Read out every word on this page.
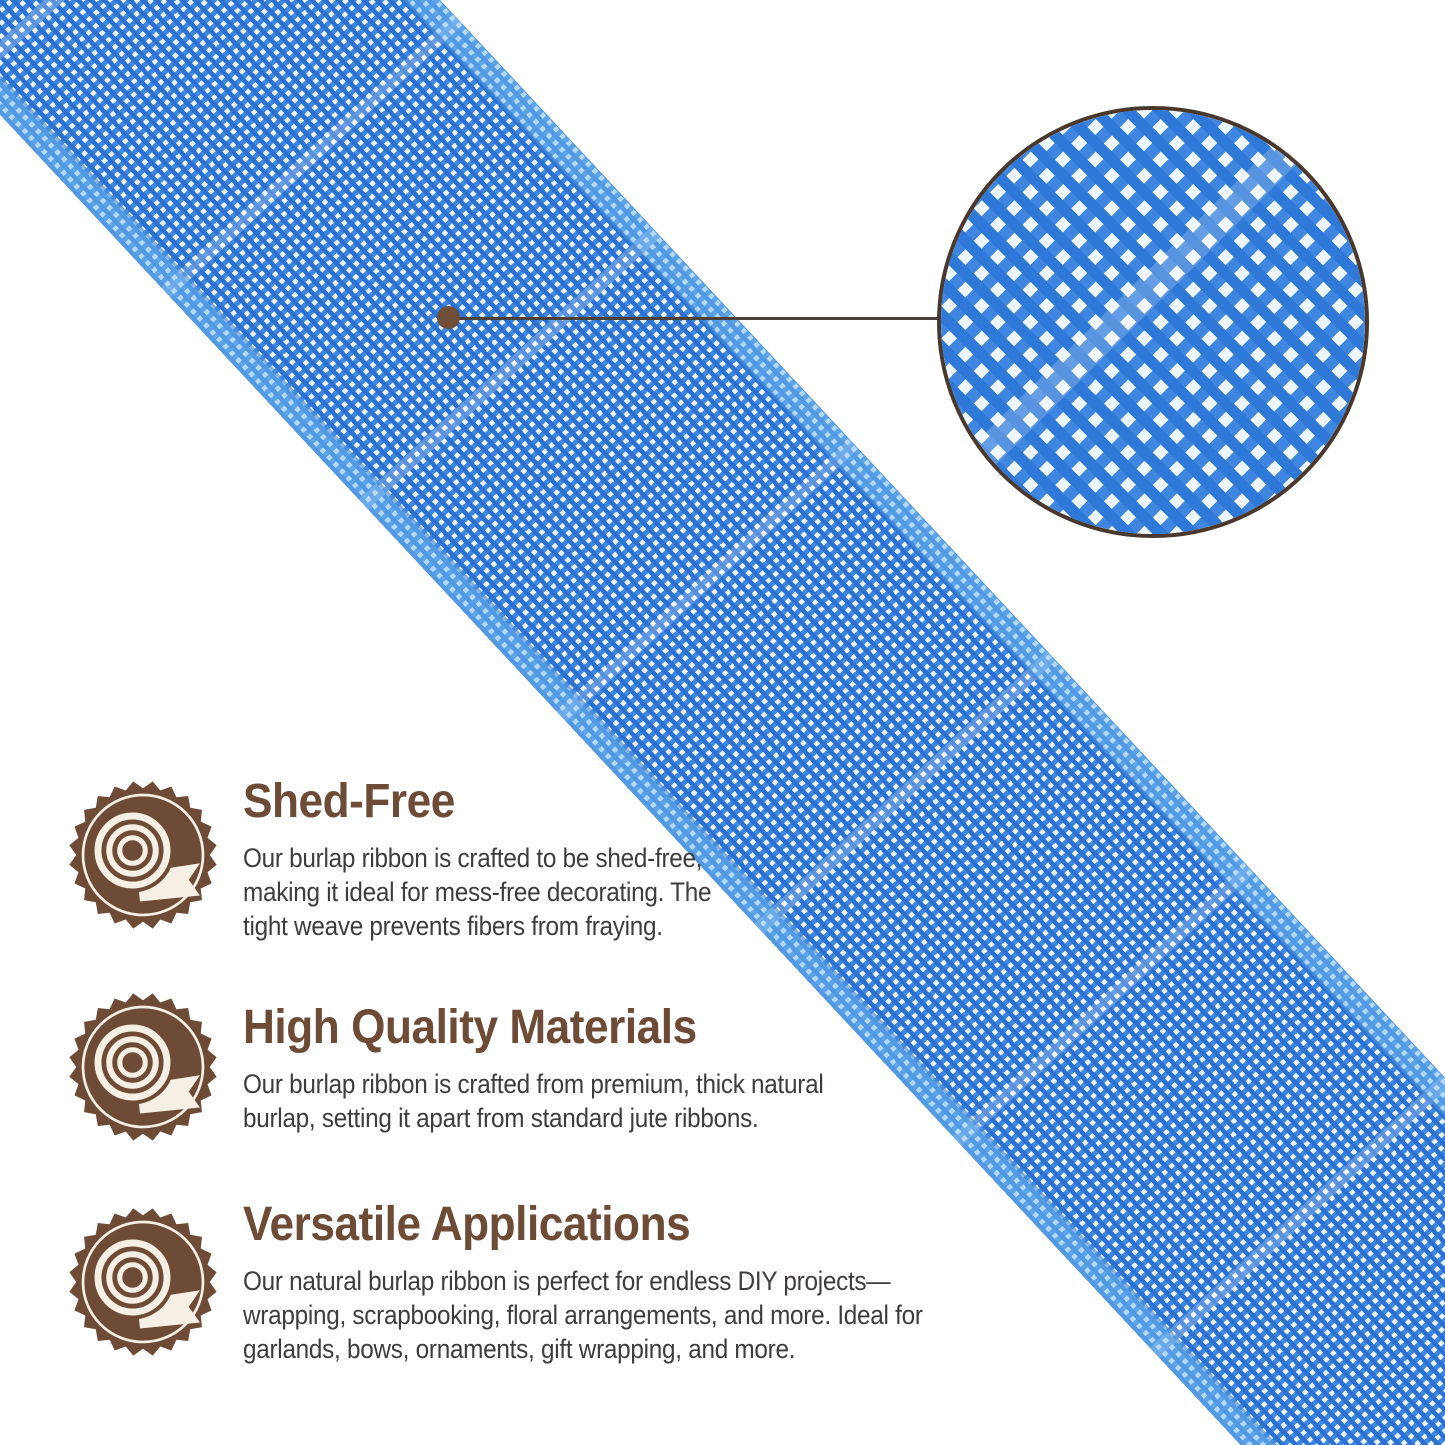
Shed-Free
Our burlap ribbon is crafted to be shed-free,
making it ideal for mess-free decorating. The
tight weave prevents fibers from fraying.
High Quality Materials
Our burlap ribbon is crafted from premium, thick natural
burlap, setting it apart from standard jute ribbons.
Versatile Applications
Our natural burlap ribbon is perfect for endless DIY projects—
wrapping, scrapbooking, floral arrangements, and more. Ideal for
garlands, bows, ornaments, gift wrapping, and more.
